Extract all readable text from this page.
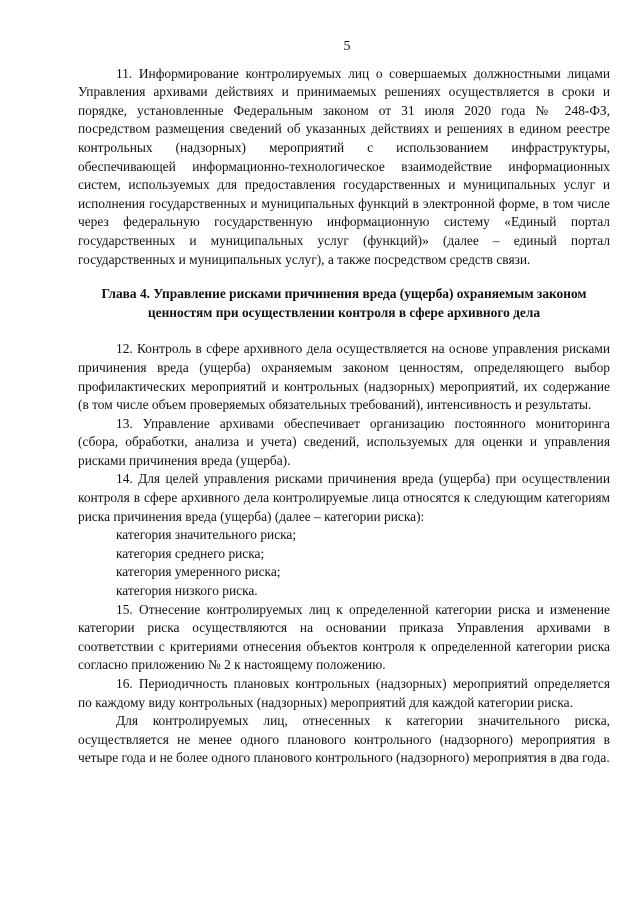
5

11. Информирование контролируемых лиц о совершаемых должностными лицами Управления архивами действиях и принимаемых решениях осуществляется в сроки и порядке, установленные Федеральным законом от 31 июля 2020 года № 248-ФЗ, посредством размещения сведений об указанных действиях и решениях в едином реестре контрольных (надзорных) мероприятий с использованием инфраструктуры, обеспечивающей информационно-технологическое взаимодействие информационных систем, используемых для предоставления государственных и муниципальных услуг и исполнения государственных и муниципальных функций в электронной форме, в том числе через федеральную государственную информационную систему «Единый портал государственных и муниципальных услуг (функций)» (далее – единый портал государственных и муниципальных услуг), а также посредством средств связи.

Глава 4. Управление рисками причинения вреда (ущерба) охраняемым законом ценностям при осуществлении контроля в сфере архивного дела

12. Контроль в сфере архивного дела осуществляется на основе управления рисками причинения вреда (ущерба) охраняемым законом ценностям, определяющего выбор профилактических мероприятий и контрольных (надзорных) мероприятий, их содержание (в том числе объем проверяемых обязательных требований), интенсивность и результаты.

13. Управление архивами обеспечивает организацию постоянного мониторинга (сбора, обработки, анализа и учета) сведений, используемых для оценки и управления рисками причинения вреда (ущерба).

14. Для целей управления рисками причинения вреда (ущерба) при осуществлении контроля в сфере архивного дела контролируемые лица относятся к следующим категориям риска причинения вреда (ущерба) (далее – категории риска):

категория значительного риска;

категория среднего риска;

категория умеренного риска;

категория низкого риска.

15. Отнесение контролируемых лиц к определенной категории риска и изменение категории риска осуществляются на основании приказа Управления архивами в соответствии с критериями отнесения объектов контроля к определенной категории риска согласно приложению № 2 к настоящему положению.

16. Периодичность плановых контрольных (надзорных) мероприятий определяется по каждому виду контрольных (надзорных) мероприятий для каждой категории риска.

Для контролируемых лиц, отнесенных к категории значительного риска, осуществляется не менее одного планового контрольного (надзорного) мероприятия в четыре года и не более одного планового контрольного (надзорного) мероприятия в два года.
